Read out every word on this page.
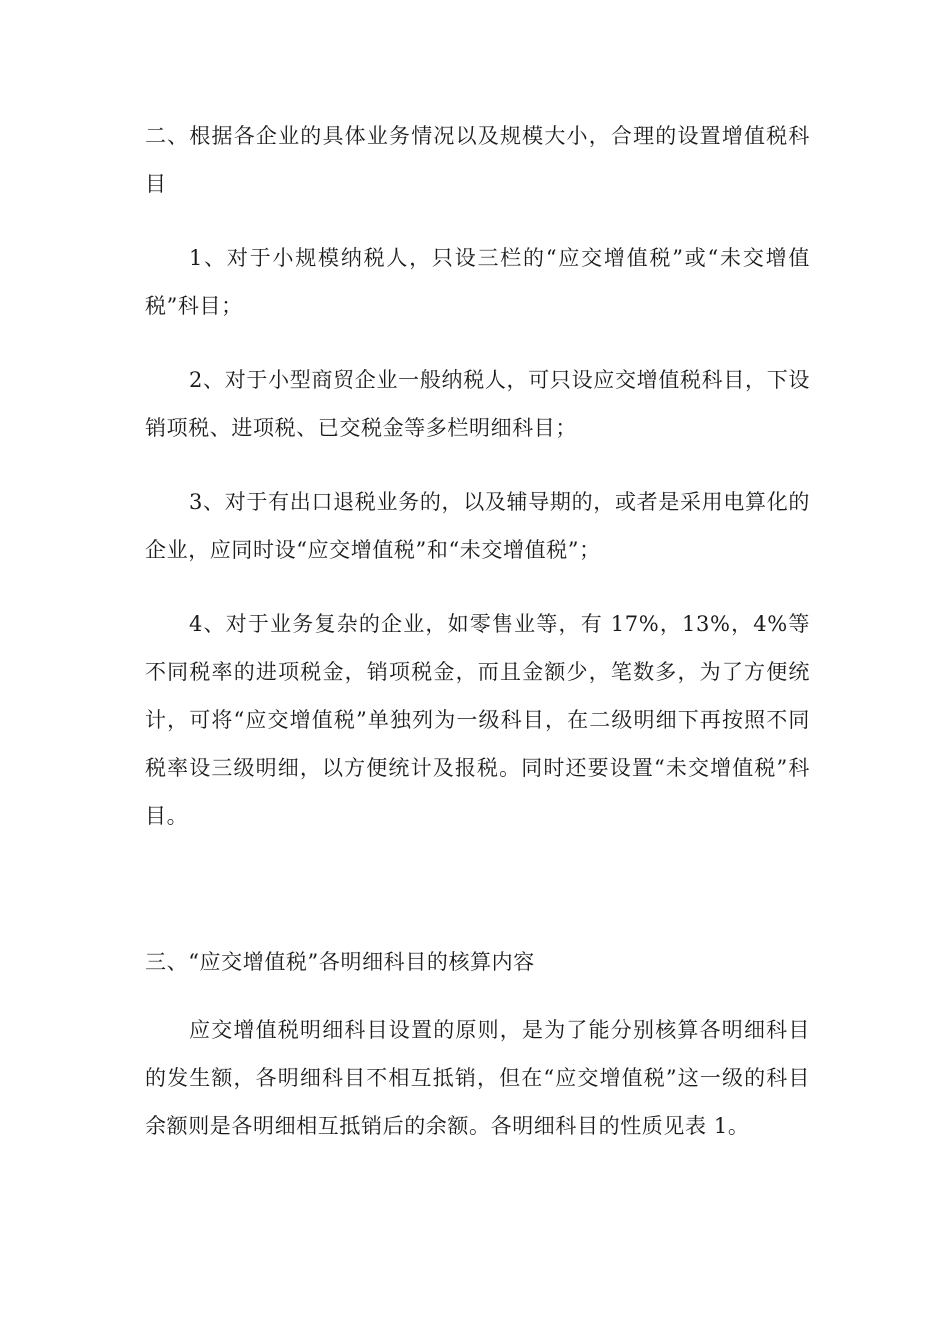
二、根据各企业的具体业务情况以及规模大小，合理的设置增值税科目

1、对于小规模纳税人，只设三栏的“应交增值税”或“未交增值税”科目；

2、对于小型商贸企业一般纳税人，可只设应交增值税科目，下设销项税、进项税、已交税金等多栏明细科目；

3、对于有出口退税业务的，以及辅导期的，或者是采用电算化的企业，应同时设“应交增值税”和“未交增值税”；

4、对于业务复杂的企业，如零售业等，有 17%，13%，4%等不同税率的进项税金，销项税金，而且金额少，笔数多，为了方便统计，可将“应交增值税”单独列为一级科目，在二级明细下再按照不同税率设三级明细，以方便统计及报税。同时还要设置“未交增值税”科目。

三、“应交增值税”各明细科目的核算内容

应交增值税明细科目设置的原则，是为了能分别核算各明细科目的发生额，各明细科目不相互抵销，但在“应交增值税”这一级的科目余额则是各明细相互抵销后的余额。各明细科目的性质见表 1。
